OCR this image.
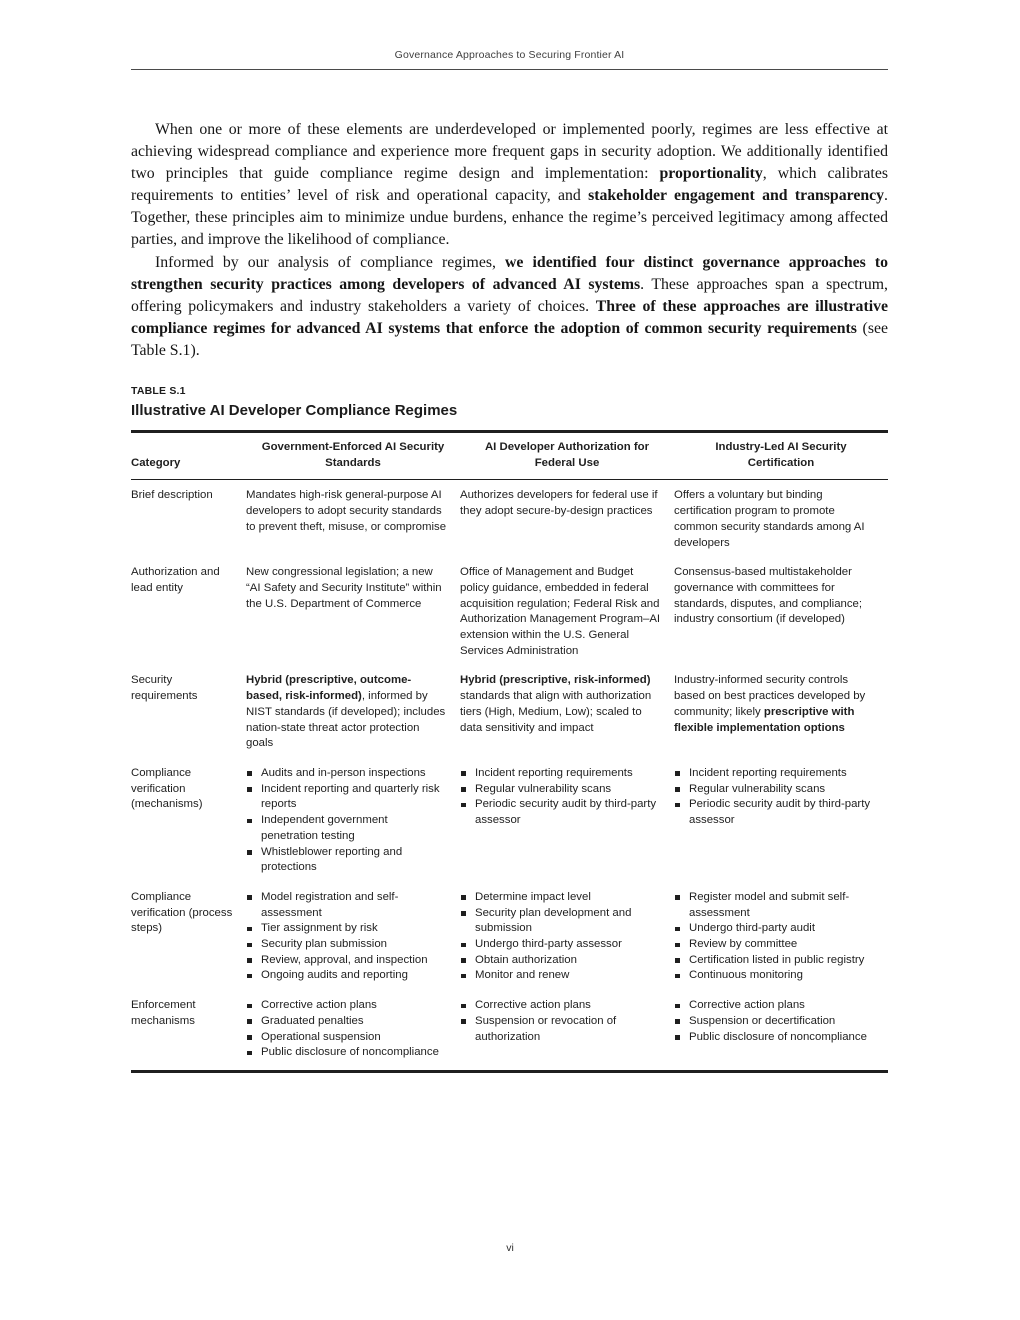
Governance Approaches to Securing Frontier AI

When one or more of these elements are underdeveloped or implemented poorly, regimes are less effective at achieving widespread compliance and experience more frequent gaps in security adoption. We additionally identified two principles that guide compliance regime design and implementation: proportionality, which calibrates requirements to entities’ level of risk and operational capacity, and stakeholder engagement and transparency. Together, these principles aim to minimize undue burdens, enhance the regime’s perceived legitimacy among affected parties, and improve the likelihood of compliance.

Informed by our analysis of compliance regimes, we identified four distinct governance approaches to strengthen security practices among developers of advanced AI systems. These approaches span a spectrum, offering policymakers and industry stakeholders a variety of choices. Three of these approaches are illustrative compliance regimes for advanced AI systems that enforce the adoption of common security requirements (see Table S.1).

TABLE S.1
Illustrative AI Developer Compliance Regimes
Category
Government-Enforced AI Security Standards
AI Developer Authorization for Federal Use
Industry-Led AI Security Certification
Brief description	Mandates high-risk general-purpose AI developers to adopt security standards to prevent theft, misuse, or compromise

Authorizes developers for federal use if they adopt secure-by-design practices

Offers a voluntary but binding certification program to promote common security standards among AI developers

Authorization and lead entity

New congressional legislation; a new “AI Safety and Security Institute” within the U.S. Department of Commerce

Office of Management and Budget policy guidance, embedded in federal acquisition regulation; Federal Risk and Authorization Management Program–AI extension within the U.S. General Services Administration

Consensus-based multistakeholder governance with committees for standards, disputes, and compliance; industry consortium (if developed)

Security requirements

Hybrid (prescriptive, outcome-based, risk-informed), informed by NIST standards (if developed); includes nation-state threat actor protection goals

Hybrid (prescriptive, risk-informed) standards that align with authorization tiers (High, Medium, Low); scaled to data sensitivity and impact

Industry-informed security controls based on best practices developed by community; likely prescriptive with flexible implementation options

Compliance verification (mechanisms)
Audits and in-person inspections
Incident reporting and quarterly risk reports
Independent government penetration testing
Whistleblower reporting and protections
Incident reporting requirements
Regular vulnerability scans
Periodic security audit by third-party assessor
Incident reporting requirements
Regular vulnerability scans
Periodic security audit by third-party assessor
Compliance verification (process steps)
Model registration and self-assessment
Tier assignment by risk
Security plan submission
Review, approval, and inspection
Ongoing audits and reporting
Determine impact level
Security plan development and submission
Undergo third-party assessor
Obtain authorization
Monitor and renew
Register model and submit self-assessment
Undergo third-party audit
Review by committee
Certification listed in public registry
Continuous monitoring
Enforcement mechanisms
Corrective action plans
Graduated penalties
Operational suspension
Public disclosure of noncompliance
Corrective action plans
Suspension or revocation of authorization
Corrective action plans
Suspension or decertification
Public disclosure of noncompliance
vi
